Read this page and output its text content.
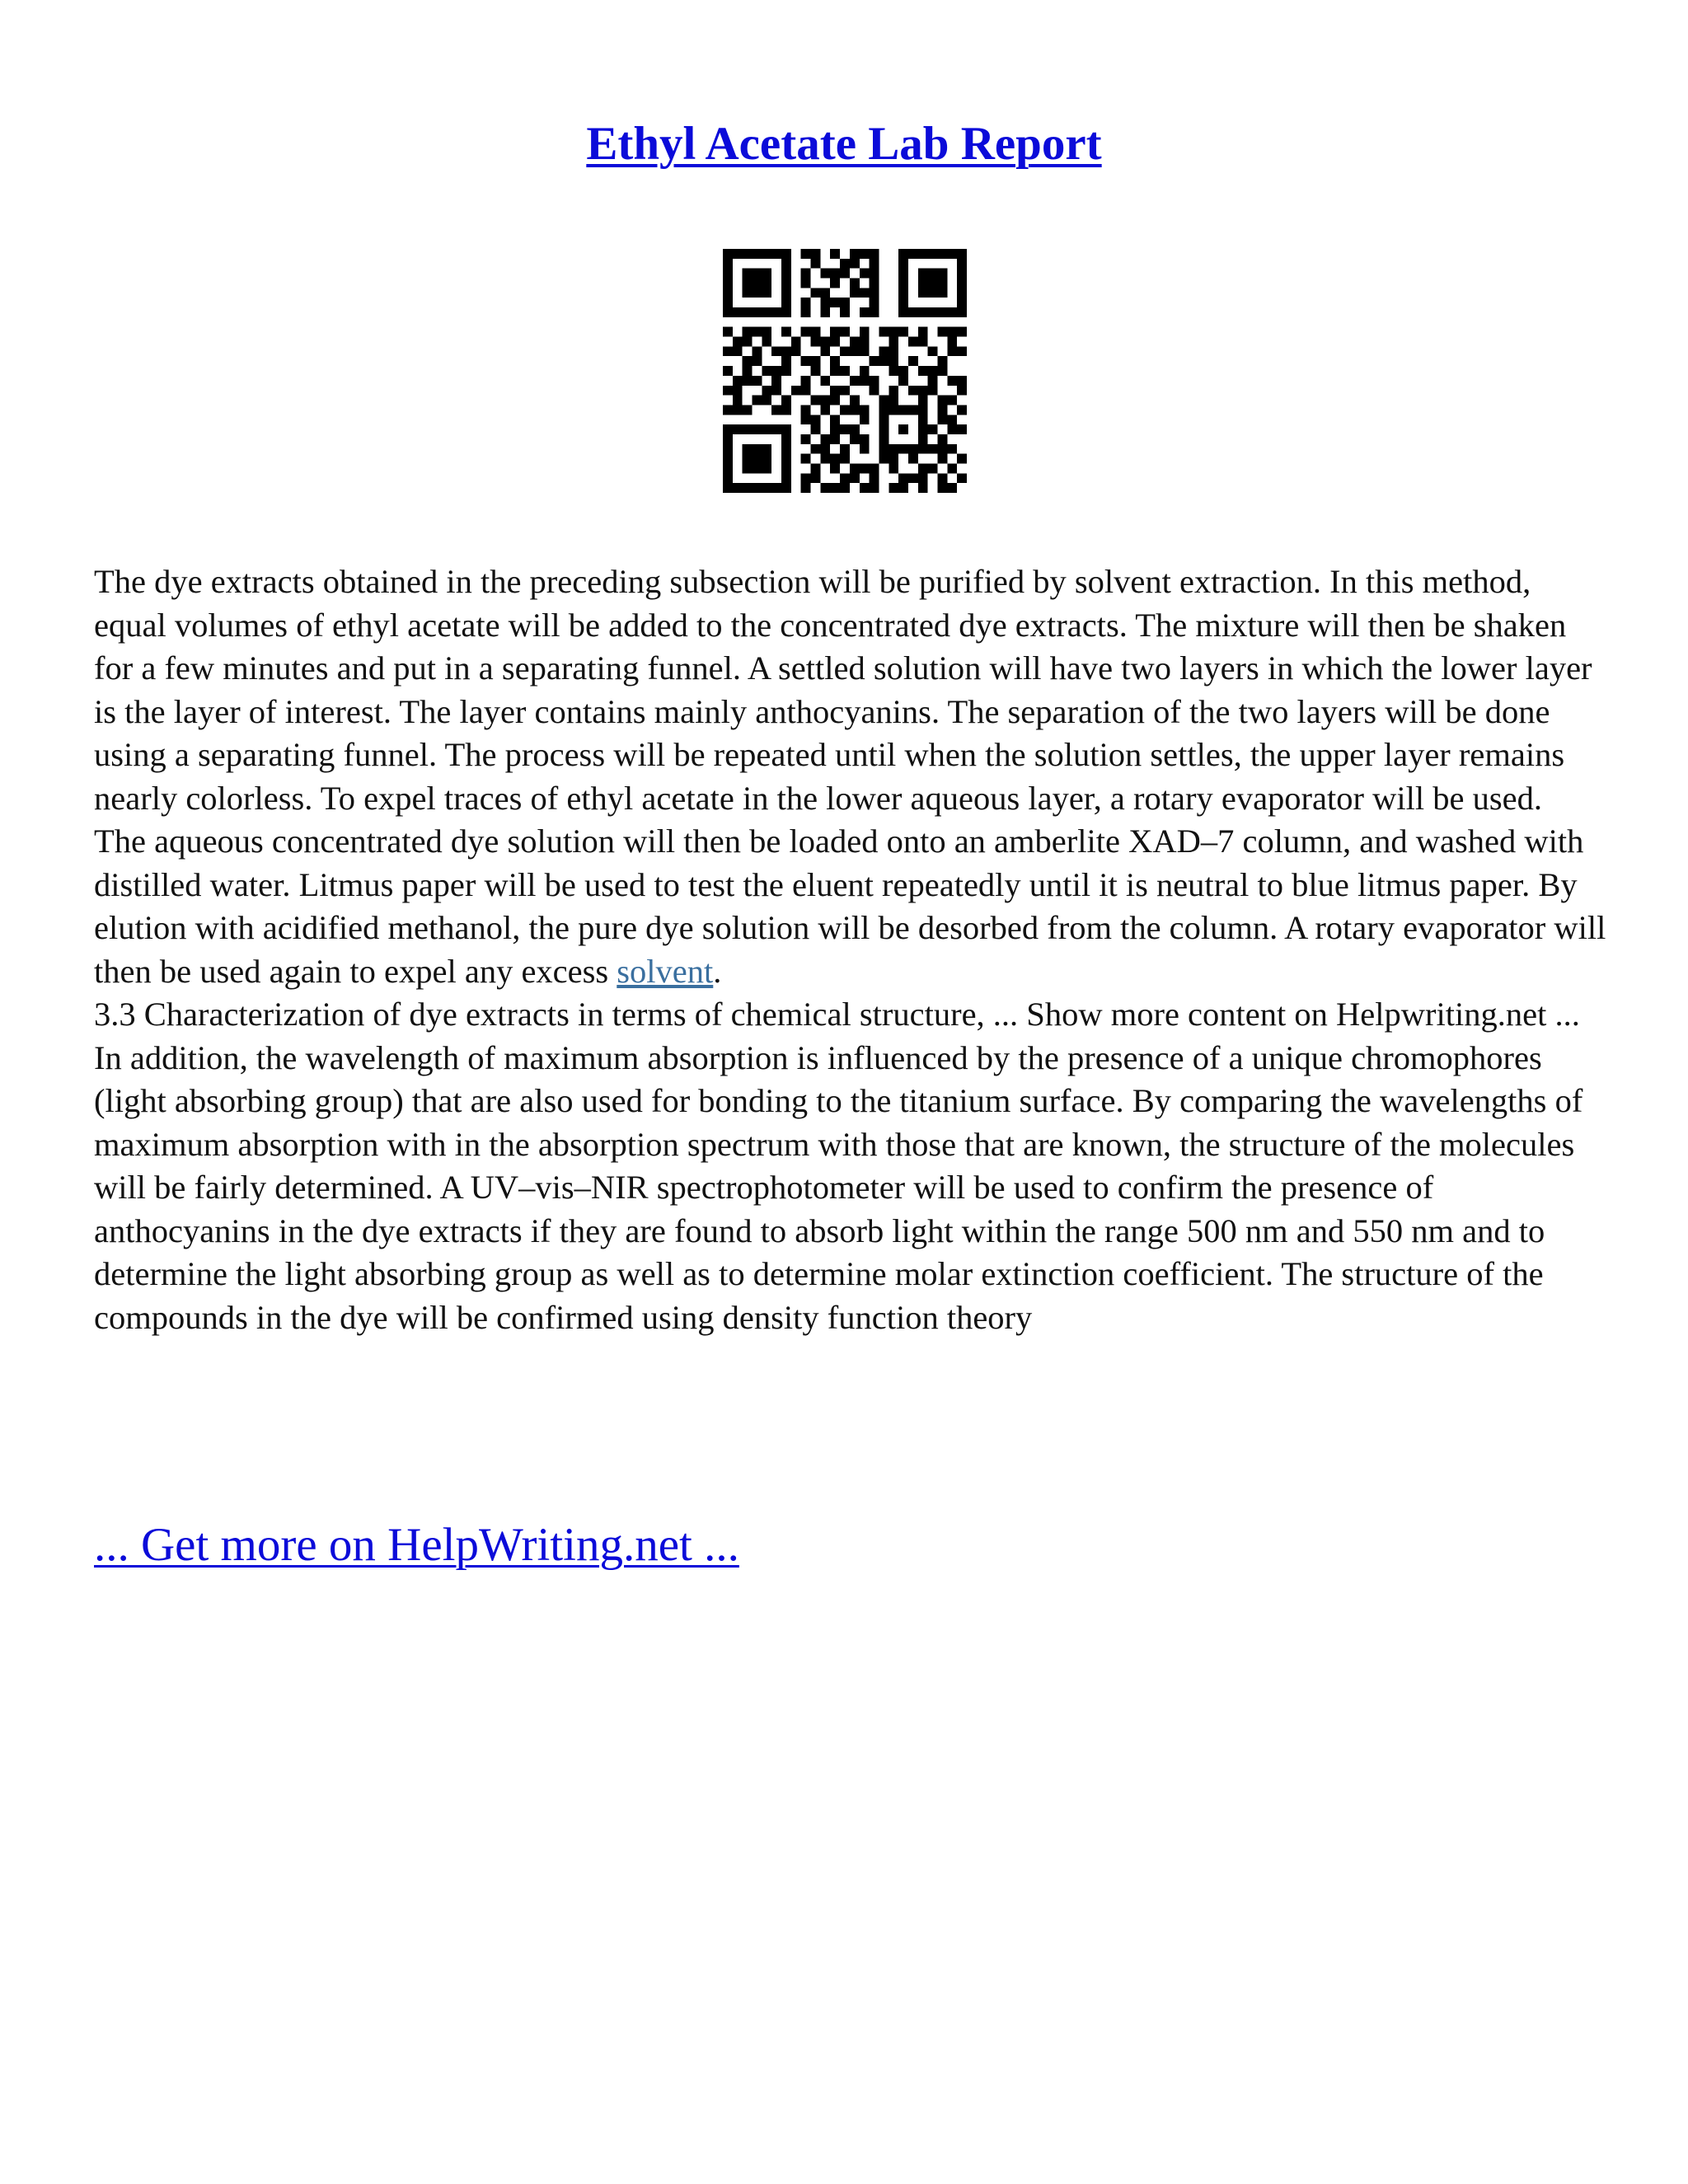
Ethyl Acetate Lab Report

The dye extracts obtained in the preceding subsection will be purified by solvent extraction. In this method, equal volumes of ethyl acetate will be added to the concentrated dye extracts. The mixture will then be shaken for a few minutes and put in a separating funnel. A settled solution will have two layers in which the lower layer is the layer of interest. The layer contains mainly anthocyanins. The separation of the two layers will be done using a separating funnel. The process will be repeated until when the solution settles, the upper layer remains nearly colorless. To expel traces of ethyl acetate in the lower aqueous layer, a rotary evaporator will be used.

The aqueous concentrated dye solution will then be loaded onto an amberlite XAD–7 column, and washed with distilled water. Litmus paper will be used to test the eluent repeatedly until it is neutral to blue litmus paper. By elution with acidified methanol, the pure dye solution will be desorbed from the column. A rotary evaporator will then be used again to expel any excess solvent.

3.3 Characterization of dye extracts in terms of chemical structure, ... Show more content on Helpwriting.net ...

In addition, the wavelength of maximum absorption is influenced by the presence of a unique chromophores (light absorbing group) that are also used for bonding to the titanium surface. By comparing the wavelengths of maximum absorption with in the absorption spectrum with those that are known, the structure of the molecules will be fairly determined. A UV–vis–NIR spectrophotometer will be used to confirm the presence of anthocyanins in the dye extracts if they are found to absorb light within the range 500 nm and 550 nm and to determine the light absorbing group as well as to determine molar extinction coefficient. The structure of the compounds in the dye will be confirmed using density function theory

... Get more on HelpWriting.net ...
